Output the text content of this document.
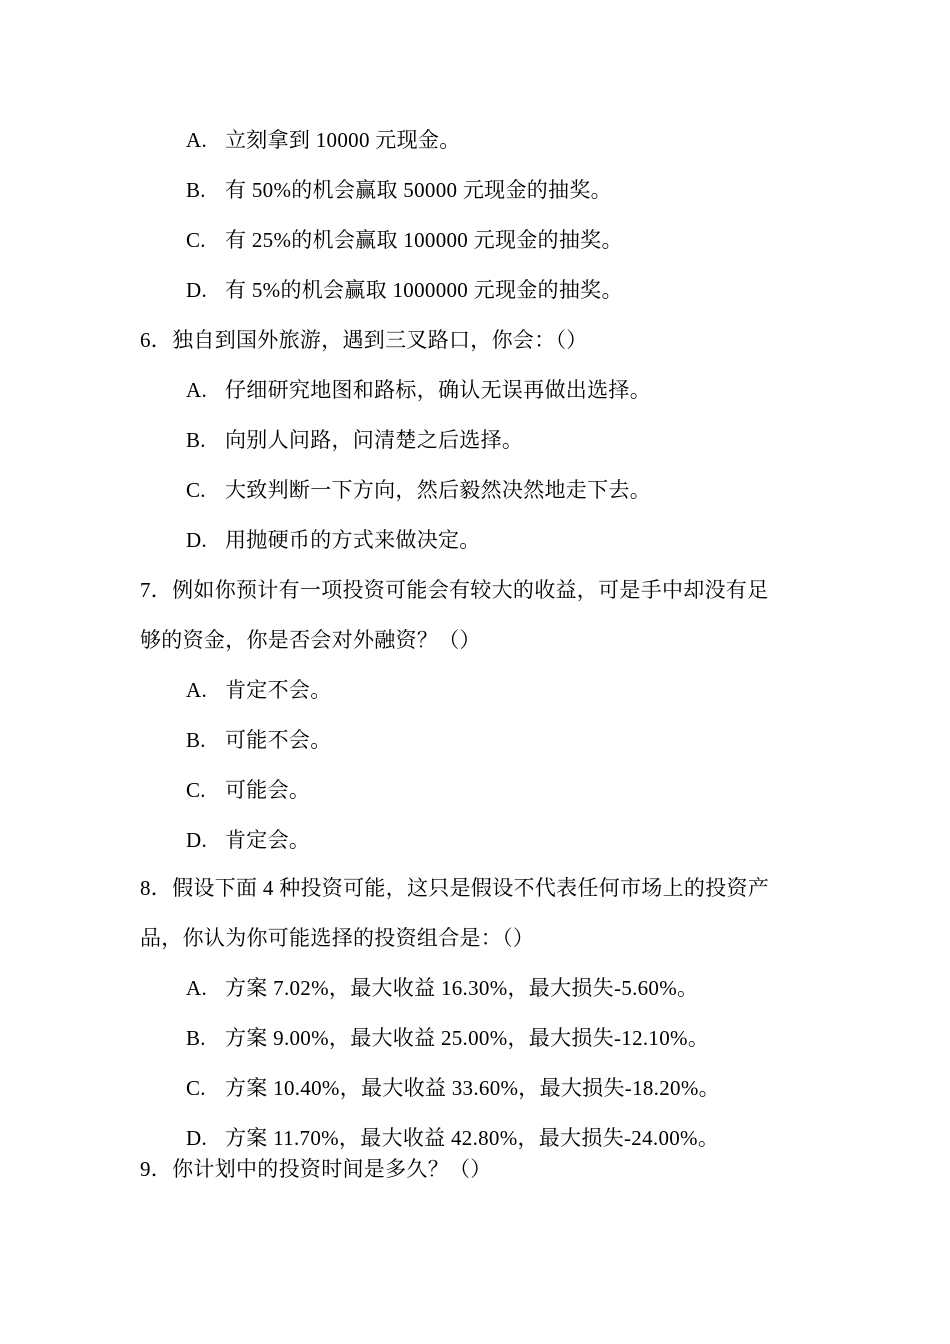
A. 立刻拿到 10000 元现金。
B. 有 50%的机会赢取 50000 元现金的抽奖。
C. 有 25%的机会赢取 100000 元现金的抽奖。
D. 有 5%的机会赢取 1000000 元现金的抽奖。
6．独自到国外旅游，遇到三叉路口，你会：（）
A. 仔细研究地图和路标，确认无误再做出选择。
B. 向别人问路，问清楚之后选择。
C. 大致判断一下方向，然后毅然决然地走下去。
D. 用抛硬币的方式来做决定。
7．例如你预计有一项投资可能会有较大的收益，可是手中却没有足
够的资金，你是否会对外融资？（）
A. 肯定不会。
B. 可能不会。
C. 可能会。
D. 肯定会。
8．假设下面 4 种投资可能，这只是假设不代表任何市场上的投资产
品，你认为你可能选择的投资组合是：（）
A. 方案 7.02%，最大收益 16.30%，最大损失-5.60%。
B. 方案 9.00%，最大收益 25.00%，最大损失-12.10%。
C. 方案 10.40%，最大收益 33.60%，最大损失-18.20%。
D. 方案 11.70%，最大收益 42.80%，最大损失-24.00%。
9．你计划中的投资时间是多久？（）
